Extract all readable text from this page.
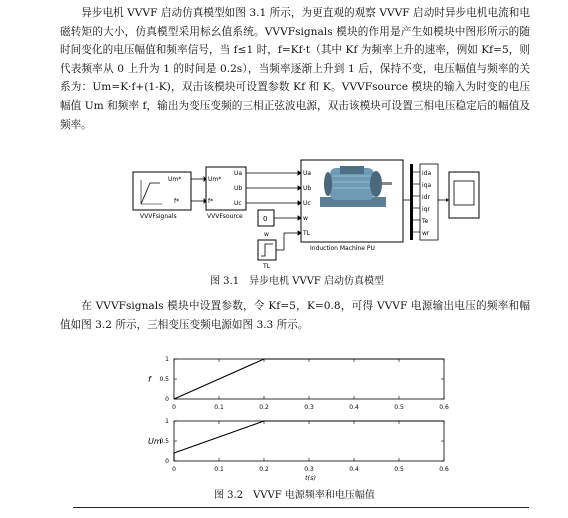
异步电机 VVVF 启动仿真模型如图 3.1 所示，为更直观的观察 VVVF 启动时异步电机电流和电磁转矩的大小，仿真模型采用标幺值系统。VVVFsignals 模块的作用是产生如模块中图形所示的随时间变化的电压幅值和频率信号，当 f≤1 时，f=Kf·t（其中 Kf 为频率上升的速率，例如 Kf=5，则代表频率从 0 上升为 1 的时间是 0.2s），当频率逐渐上升到 1 后，保持不变，电压幅值与频率的关系为：Um=K·f+(1-K)，双击该模块可设置参数 Kf 和 K。VVVFsource 模块的输入为时变的电压幅值 Um 和频率 f，输出为变压变频的三相正弦波电源，双击该模块可设置三相电压稳定后的幅值及频率。

Um*
f*
VVVFsignals
Um*
f*
Ua
Ub
Uc
VVVFsource	0
w
TL
Ua
Ub
Uc
w
TL
Induction Machine PU
ida
iqa
idr
iqr
Te
wr
图 3.1　异步电机 VVVF 启动仿真模型

在 VVVFsignals 模块中设置参数，令 Kf=5，K=0.8，可得 VVVF 电源输出电压的频率和幅值如图 3.2 所示，三相变压变频电源如图 3.3 所示。

0	0.1	0.2	0.3	0.4	0.5	0.6
0
0.5
1
f
0	0.1	0.2	0.3	0.4	0.5	0.6
0
0.5
1
Um
t(s)
图 3.2　VVVF 电源频率和电压幅值
